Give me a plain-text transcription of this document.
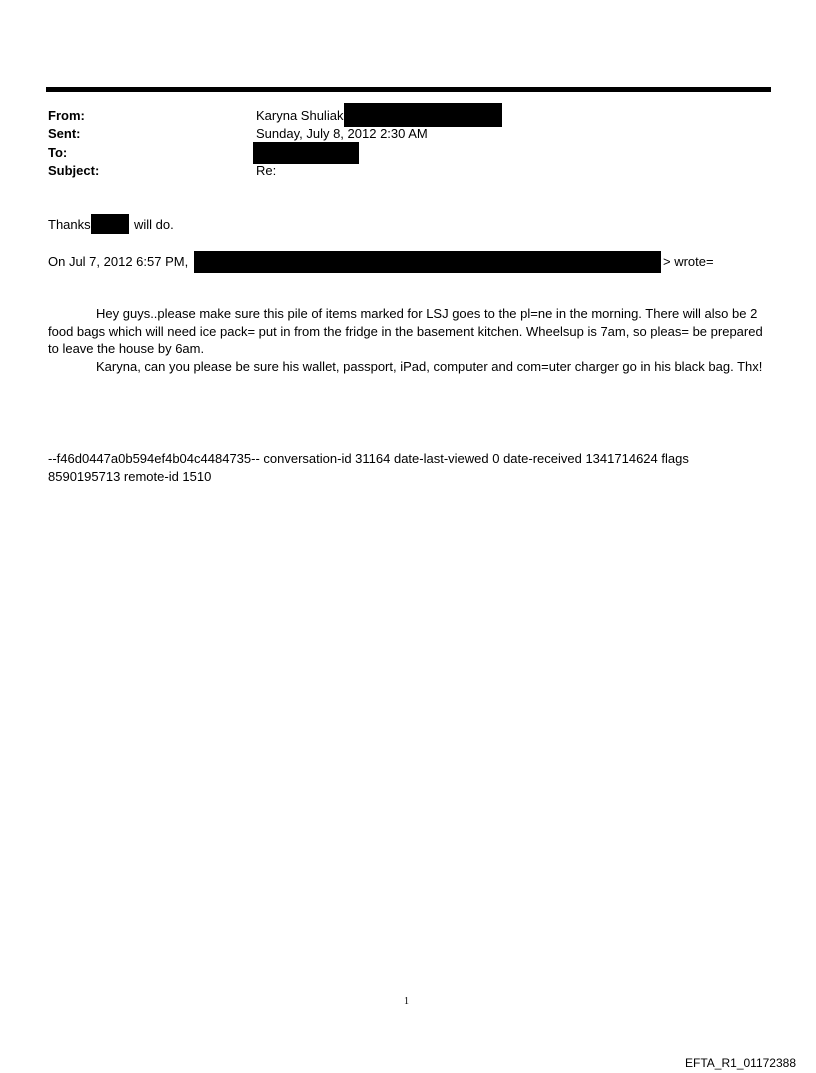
From:	Karyna Shuliak
Sent:	Sunday, July 8, 2012 2:30 AM
To:
Subject:	Re:
Thanks	will do.
On Jul 7, 2012 6:57 PM,	> wrote=

Hey guys..please make sure this pile of items marked for LSJ goes to the pl=ne in the morning. There will also be 2 food bags which will need ice pack= put in from the fridge in the basement kitchen. Wheelsup is 7am, so pleas= be prepared to leave the house by 6am.

Karyna, can you please be sure his wallet, passport, iPad, computer and com=uter charger go in his black bag. Thx!

--f46d0447a0b594ef4b04c4484735-- conversation-id 31164 date-last-viewed 0 date-received 1341714624 flags 8590195713 remote-id 1510
1
EFTA_R1_01172388
